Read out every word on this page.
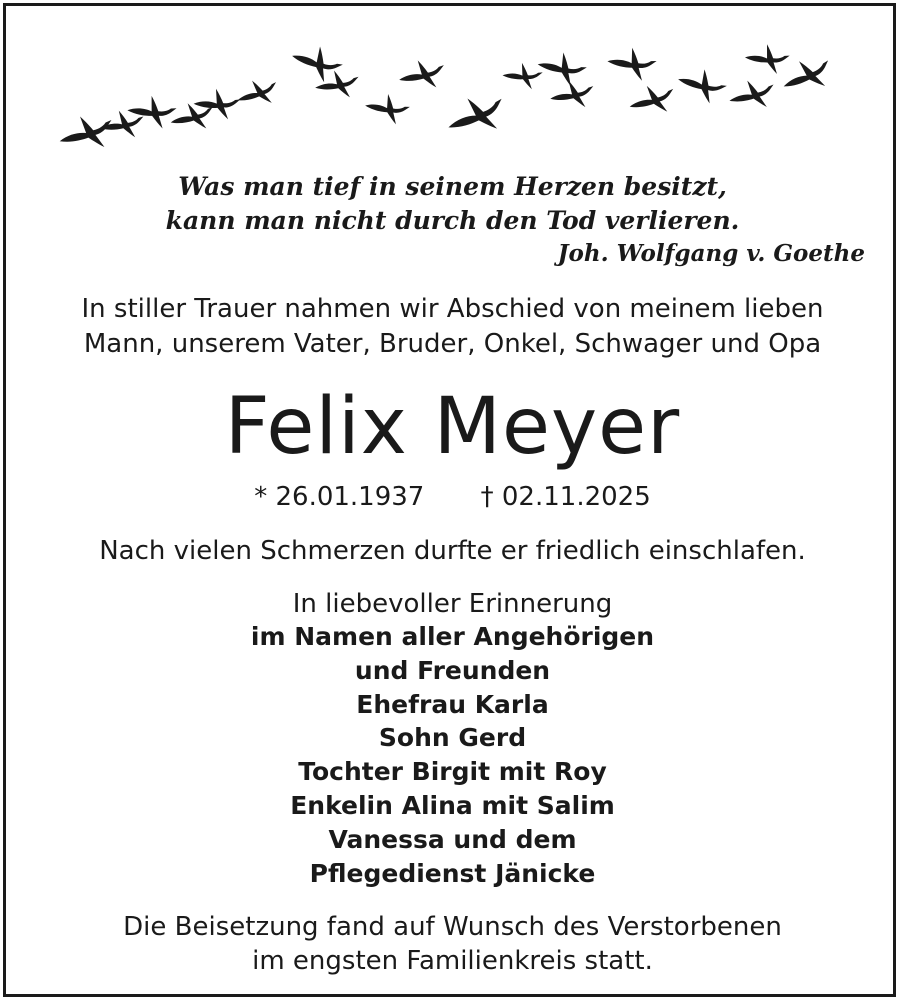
Was man tief in seinem Herzen besitzt,
kann man nicht durch den Tod verlieren.
Joh. Wolfgang v. Goethe
In stiller Trauer nahmen wir Abschied von meinem lieben
Mann, unserem Vater, Bruder, Onkel, Schwager und Opa
Felix Meyer
* 26.01.1937 † 02.11.2025
Nach vielen Schmerzen durfte er friedlich einschlafen.
In liebevoller Erinnerung
im Namen aller Angehörigen
und Freunden
Ehefrau Karla
Sohn Gerd
Tochter Birgit mit Roy
Enkelin Alina mit Salim
Vanessa und dem
Pflegedienst Jänicke
Die Beisetzung fand auf Wunsch des Verstorbenen
im engsten Familienkreis statt.
